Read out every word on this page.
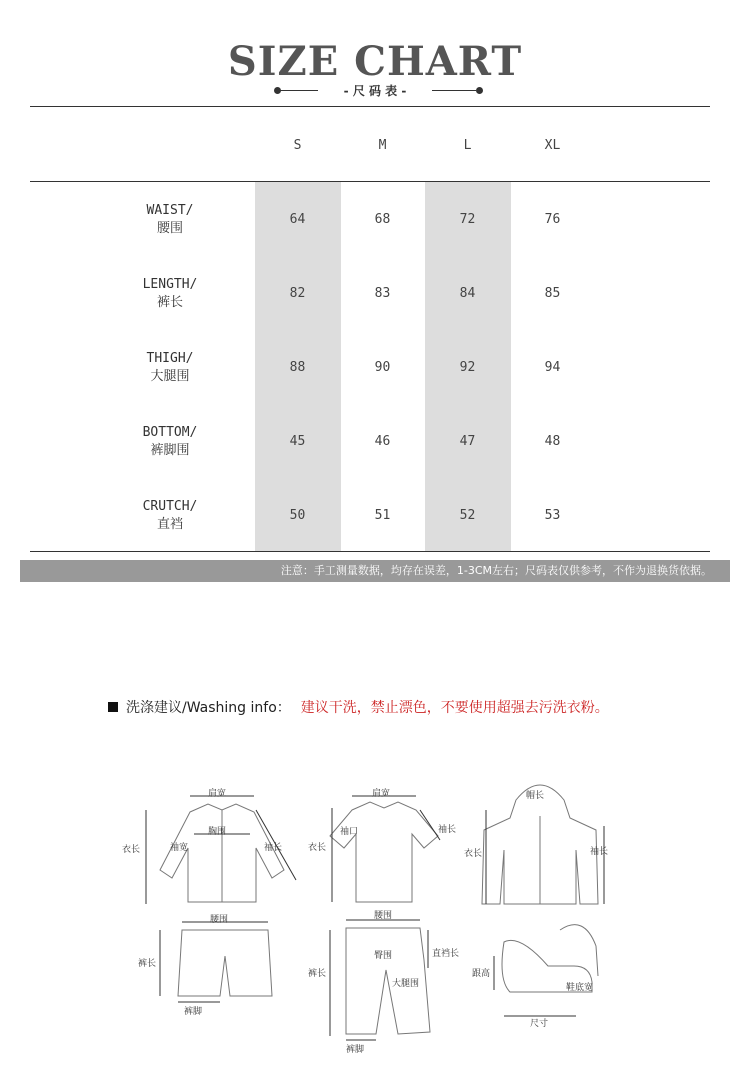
SIZE CHART
- 尺 码 表 -
S	M	L	XL
WAIST/
腰围
64	68	72	76
LENGTH/
裤长
82	83	84	85
THIGH/
大腿围
88	90	92	94
BOTTOM/
裤脚围
45	46	47	48
CRUTCH/
直裆
50	51	52	53
注意：手工测量数据，均存在误差，1-3CM左右；尺码表仅供参考，不作为退换货依据。
洗涤建议/Washing info： 建议干洗，禁止漂色，不要使用超强去污洗衣粉。
肩宽
胸围
袖宽
衣长	袖长
肩宽
袖口
衣长
袖长
帽长
衣长	袖长
腰围
裤长
裤脚
腰围
臀围	直裆长
裤长
大腿围
裤脚
跟高
鞋底宽
尺寸
